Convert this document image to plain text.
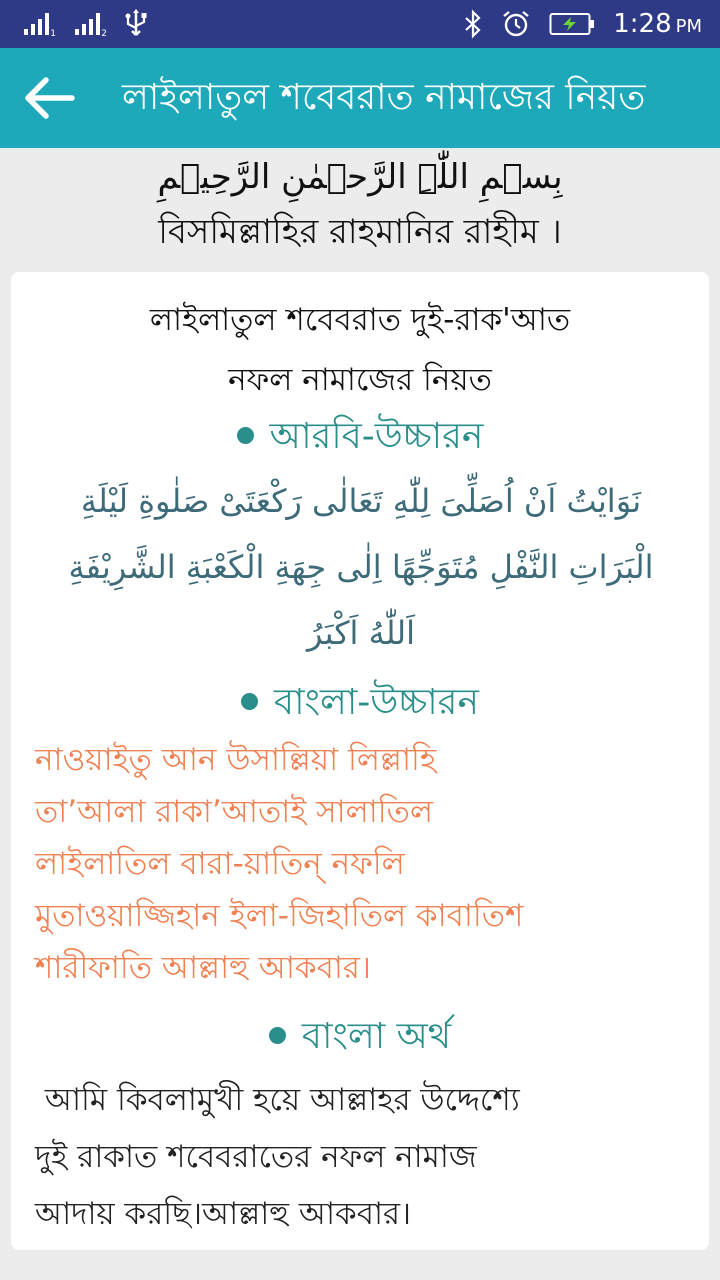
$_1$	$_2$	1:28 PM
লাইলাতুল শবেবরাত নামাজের নিয়ত
بِسۡمِ اللّٰہِ الرَّحۡمٰنِ الرَّحِیۡمِ
বিসমিল্লাহির রাহমানির রাহীম ।
লাইলাতুল শবেবরাত দুই-রাক'আত
নফল নামাজের নিয়ত
আরবি-উচ্চারন
نَوَايْتُ اَنْ اُصَلِّىَ لِلّٰهِ تَعَالٰى رَكْعَتَىْ صَلٰوةِ لَيْلَةِ
الْبَرَاتِ النَّفْلِ مُتَوَجِّهًا اِلٰى جِهَةِ الْكَعْبَةِ الشَّرِيْفَةِ
اَللّٰهُ اَكْبَرُ
বাংলা-উচ্চারন
নাওয়াইতু আন উসাল্লিয়া লিল্লাহি
তা’আলা রাকা’আতাই সালাতিল
লাইলাতিল বারা-য়াতিন্ নফলি
মুতাওয়াজ্জিহান ইলা-জিহাতিল কাবাতিশ
শারীফাতি আল্লাহু আকবার।
বাংলা অর্থ
আমি কিবলামুখী হয়ে আল্লাহর উদ্দেশ্যে
দুই রাকাত শবেবরাতের নফল নামাজ
আদায় করছি।আল্লাহু আকবার।
